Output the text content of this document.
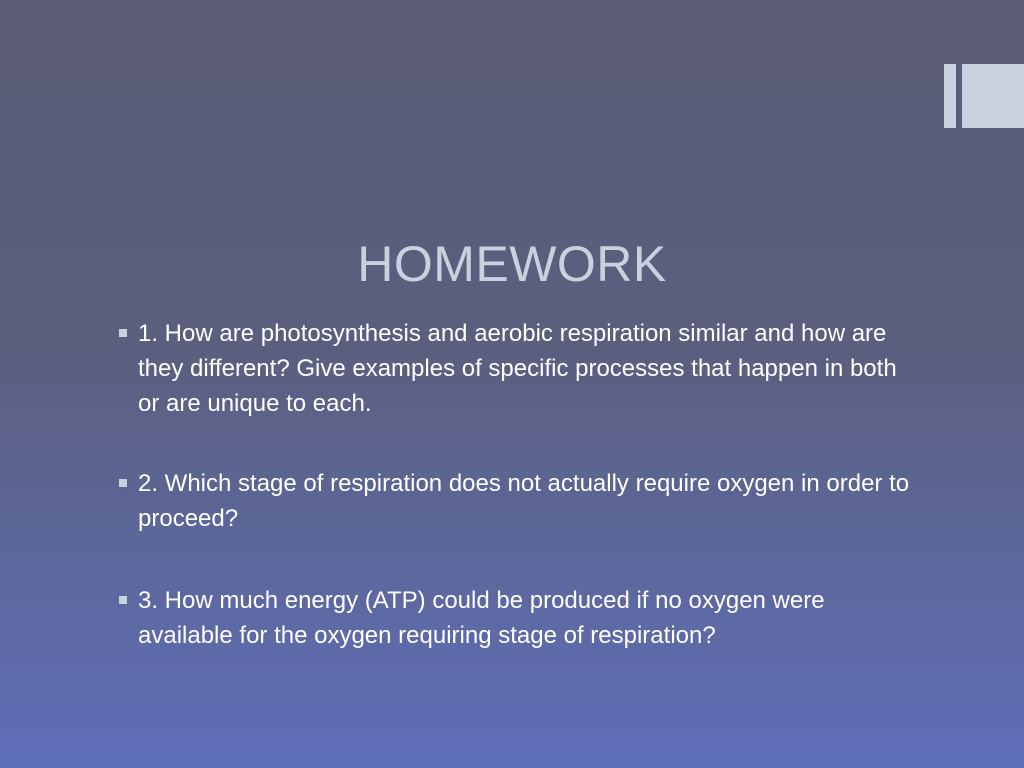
HOMEWORK
1. How are photosynthesis and aerobic respiration similar and how are they different? Give examples of specific processes that happen in both or are unique to each.
2. Which stage of respiration does not actually require oxygen in order to proceed?
3. How much energy (ATP) could be produced if no oxygen were available for the oxygen requiring stage of respiration?
